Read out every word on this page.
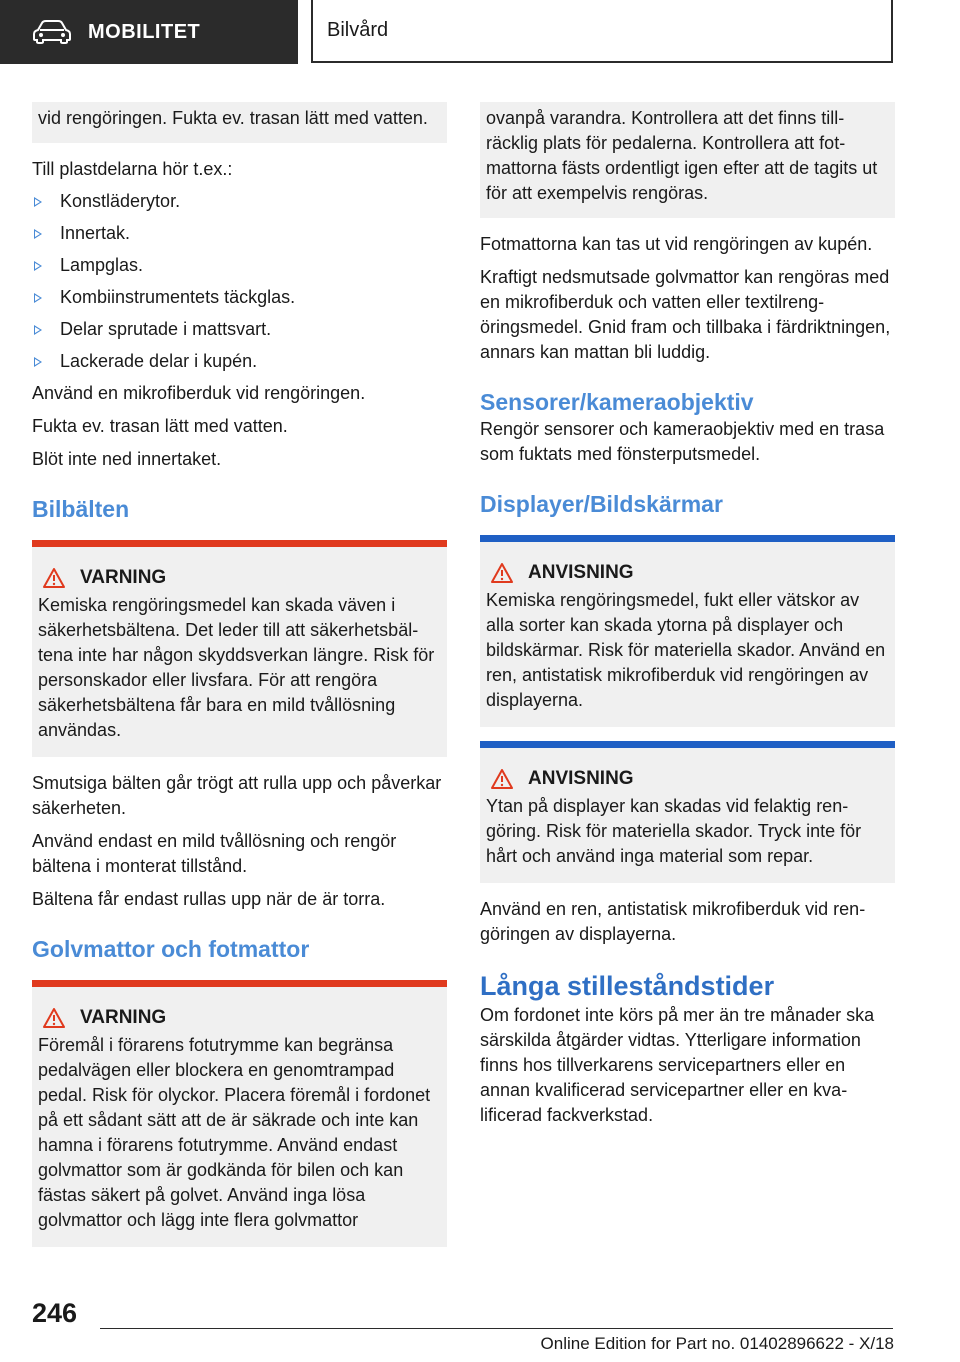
MOBILITET	Bilvård
vid rengöringen. Fukta ev. trasan lätt med vatten.

Till plastdelarna hör t.ex.:

Konstläderytor.
Innertak.
Lampglas.
Kombiinstrumentets täckglas.
Delar sprutade i mattsvart.
Lackerade delar i kupén.

Använd en mikrofiberduk vid rengöringen.

Fukta ev. trasan lätt med vatten.

Blöt inte ned innertaket.

Bilbälten
VARNING
Kemiska rengöringsmedel kan skada väven i säkerhetsbältena. Det leder till att säkerhetsbältena inte har någon skyddsverkan längre. Risk för personskador eller livsfara. För att rengöra säkerhetsbältena får bara en mild tvållösning användas.

Smutsiga bälten går trögt att rulla upp och påverkar säkerheten.

Använd endast en mild tvållösning och rengör bältena i monterat tillstånd.

Bältena får endast rullas upp när de är torra.

Golvmattor och fotmattor
VARNING
Föremål i förarens fotutrymme kan begränsa pedalvägen eller blockera en genomtrampad pedal. Risk för olyckor. Placera föremål i fordonet på ett sådant sätt att de är säkrade och inte kan hamna i förarens fotutrymme. Använd endast golvmattor som är godkända för bilen och kan fästas säkert på golvet. Använd inga lösa golvmattor och lägg inte flera golvmattor
ovanpå varandra. Kontrollera att det finns tillräcklig plats för pedalerna. Kontrollera att fotmattorna fästs ordentligt igen efter att de tagits ut för att exempelvis rengöras.

Fotmattorna kan tas ut vid rengöringen av kupén.

Kraftigt nedsmutsade golvmattor kan rengöras med en mikrofiberduk och vatten eller textilrengöringsmedel. Gnid fram och tillbaka i färdriktningen, annars kan mattan bli luddig.

Sensorer/kameraobjektiv

Rengör sensorer och kameraobjektiv med en trasa som fuktats med fönsterputsmedel.

Displayer/Bildskärmar
ANVISNING
Kemiska rengöringsmedel, fukt eller vätskor av alla sorter kan skada ytorna på displayer och bildskärmar. Risk för materiella skador. Använd en ren, antistatisk mikrofiberduk vid rengöringen av displayerna.
ANVISNING
Ytan på displayer kan skadas vid felaktig rengöring. Risk för materiella skador. Tryck inte för hårt och använd inga material som repar.

Använd en ren, antistatisk mikrofiberduk vid rengöringen av displayerna.

Långa stilleståndstider

Om fordonet inte körs på mer än tre månader ska särskilda åtgärder vidtas. Ytterligare information finns hos tillverkarens servicepartners eller en annan kvalificerad servicepartner eller en kvalificerad fackverkstad.

246
Online Edition for Part no. 01402896622 - X/18
